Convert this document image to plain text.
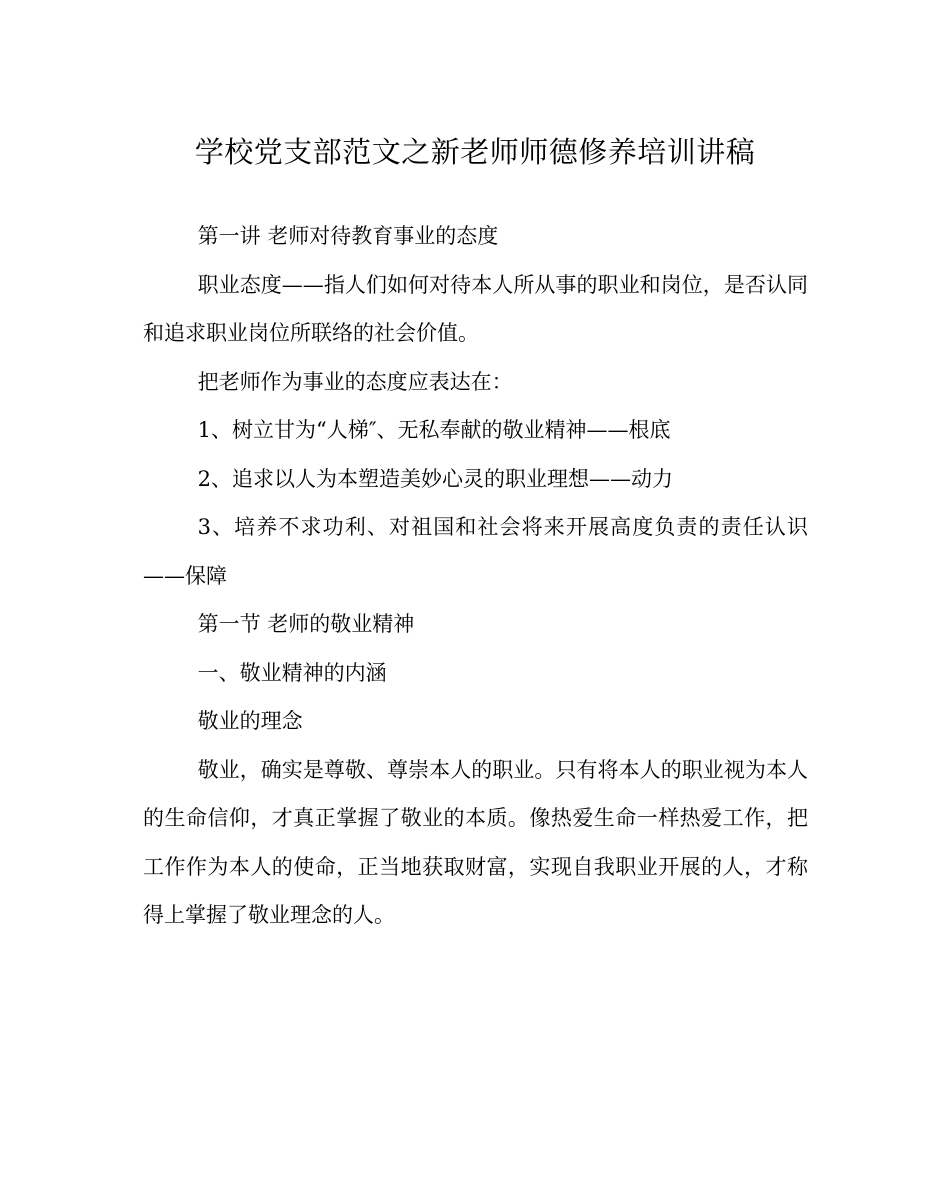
学校党支部范文之新老师师德修养培训讲稿

第一讲 老师对待教育事业的态度

职业态度——指人们如何对待本人所从事的职业和岗位，是否认同和追求职业岗位所联络的社会价值。

把老师作为事业的态度应表达在：

1、树立甘为“人梯″、无私奉献的敬业精神——根底

2、追求以人为本塑造美妙心灵的职业理想——动力

3、培养不求功利、对祖国和社会将来开展高度负责的责任认识——保障

第一节 老师的敬业精神

一、敬业精神的内涵

敬业的理念

敬业，确实是尊敬、尊崇本人的职业。只有将本人的职业视为本人的生命信仰，才真正掌握了敬业的本质。像热爱生命一样热爱工作，把工作作为本人的使命，正当地获取财富，实现自我职业开展的人，才称得上掌握了敬业理念的人。
